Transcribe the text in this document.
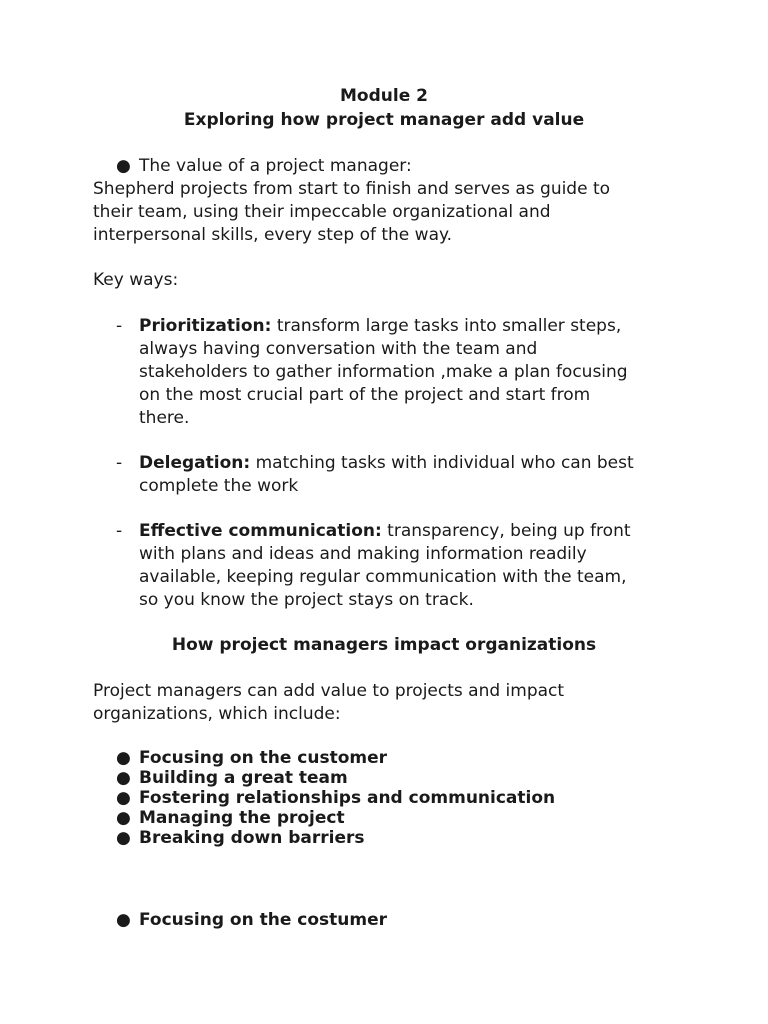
Module 2
Exploring how project manager add value
● The value of a project manager:
Shepherd projects from start to finish and serves as guide to
their team, using their impeccable organizational and
interpersonal skills, every step of the way.
Key ways:
- Prioritization: transform large tasks into smaller steps,
always having conversation with the team and
stakeholders to gather information ,make a plan focusing
on the most crucial part of the project and start from
there.
- Delegation: matching tasks with individual who can best
complete the work
- Effective communication: transparency, being up front
with plans and ideas and making information readily
available, keeping regular communication with the team,
so you know the project stays on track.
How project managers impact organizations
Project managers can add value to projects and impact
organizations, which include:
● Focusing on the customer
● Building a great team
● Fostering relationships and communication
● Managing the project
● Breaking down barriers
● Focusing on the costumer
